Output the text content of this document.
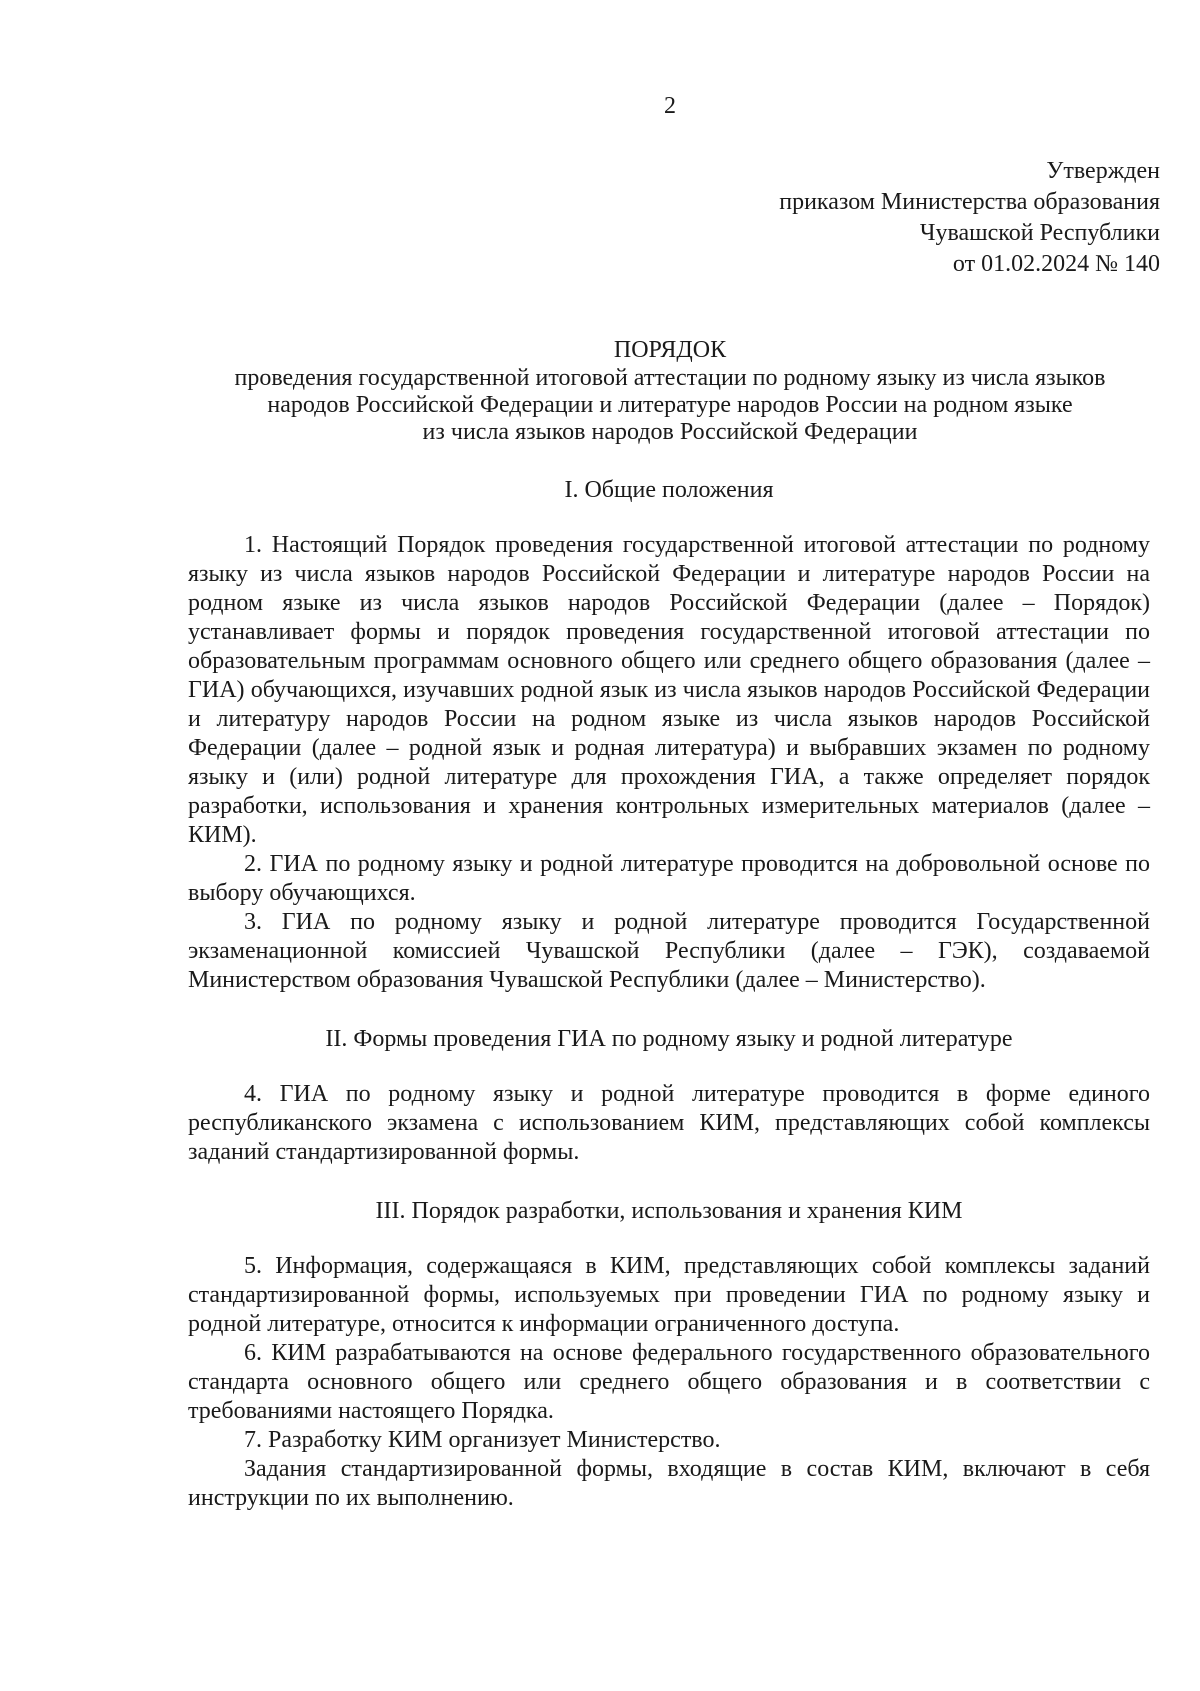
2
Утвержден
приказом Министерства образования
Чувашской Республики
от 01.02.2024 № 140
ПОРЯДОК
проведения государственной итоговой аттестации по родному языку из числа языков
народов Российской Федерации и литературе народов России на родном языке
из числа языков народов Российской Федерации

I. Общие положения

1. Настоящий Порядок проведения государственной итоговой аттестации по родному языку из числа языков народов Российской Федерации и литературе народов России на родном языке из числа языков народов Российской Федерации (далее – Порядок) устанавливает формы и порядок проведения государственной итоговой аттестации по образовательным программам основного общего или среднего общего образования (далее – ГИА) обучающихся, изучавших родной язык из числа языков народов Российской Федерации и литературу народов России на родном языке из числа языков народов Российской Федерации (далее – родной язык и родная литература) и выбравших экзамен по родному языку и (или) родной литературе для прохождения ГИА, а также определяет порядок разработки, использования и хранения контрольных измерительных материалов (далее – КИМ).

2. ГИА по родному языку и родной литературе проводится на добровольной основе по выбору обучающихся.

3. ГИА по родному языку и родной литературе проводится Государственной экзаменационной комиссией Чувашской Республики (далее – ГЭК), создаваемой Министерством образования Чувашской Республики (далее – Министерство).

II. Формы проведения ГИА по родному языку и родной литературе

4. ГИА по родному языку и родной литературе проводится в форме единого республиканского экзамена с использованием КИМ, представляющих собой комплексы заданий стандартизированной формы.

III. Порядок разработки, использования и хранения КИМ

5. Информация, содержащаяся в КИМ, представляющих собой комплексы заданий стандартизированной формы, используемых при проведении ГИА по родному языку и родной литературе, относится к информации ограниченного доступа.

6. КИМ разрабатываются на основе федерального государственного образовательного стандарта основного общего или среднего общего образования и в соответствии с требованиями настоящего Порядка.

7. Разработку КИМ организует Министерство.

Задания стандартизированной формы, входящие в состав КИМ, включают в себя инструкции по их выполнению.
